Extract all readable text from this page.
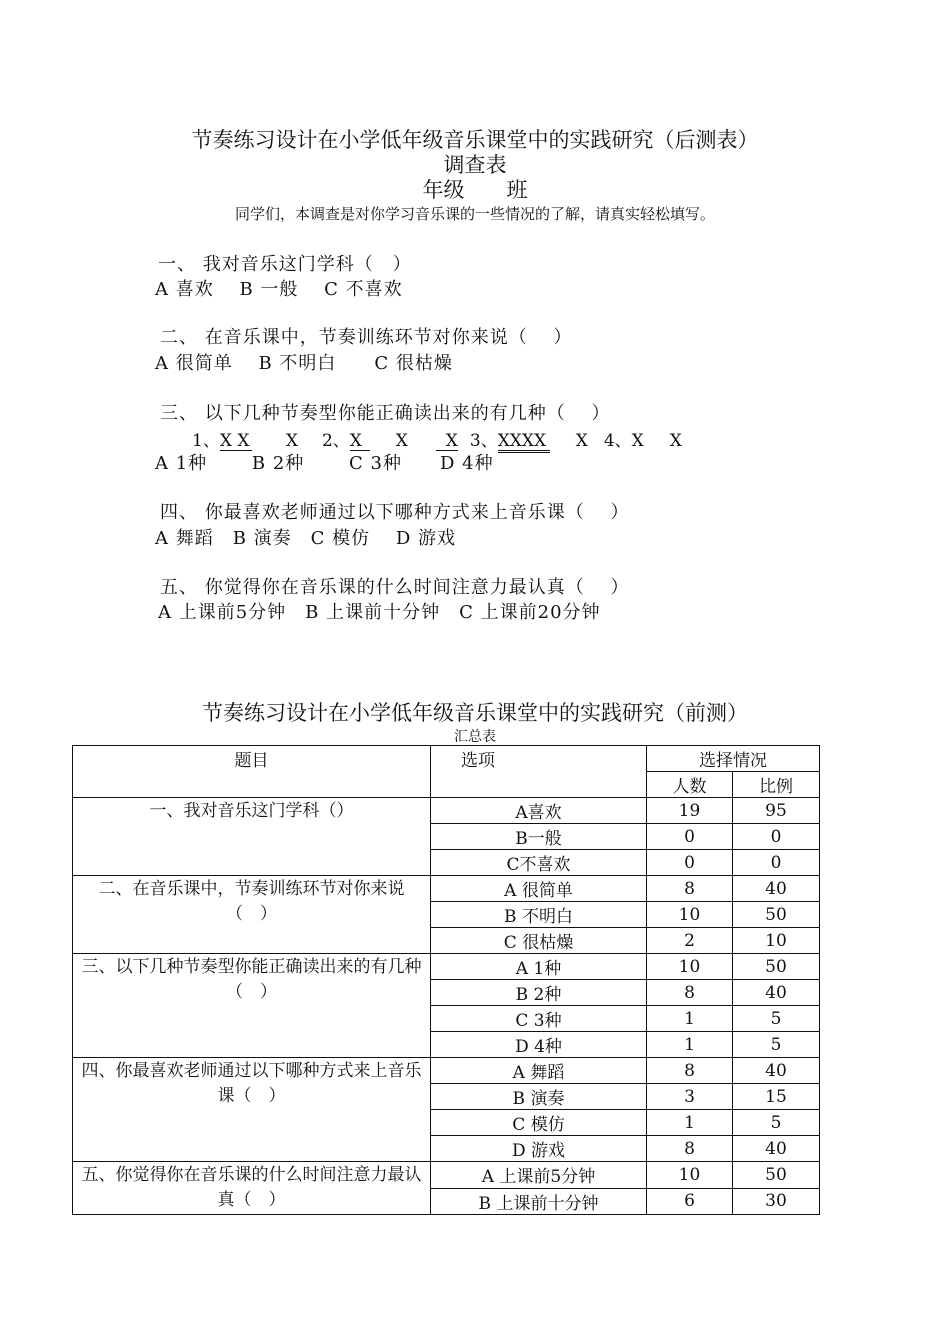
节奏练习设计在小学低年级音乐课堂中的实践研究（后测表）
调查表
年级　　班
同学们，本调查是对你学习音乐课的一些情况的了解，请真实轻松填写。
一、 我对音乐这门学科（　）
A 喜欢　 B 一般　 C 不喜欢
二、 在音乐课中，节奏训练环节对你来说（　 ）
A 很简单　 B 不明白　　C 很枯燥
三、 以下几种节奏型你能正确读出来的有几种（　 ）
1、X X X 2、X X X 3、XXXX X 4、X X
A 1种　　 B 2种　　 C 3种　　D 4种
四、 你最喜欢老师通过以下哪种方式来上音乐课（　 ）
A 舞蹈　B 演奏　C 模仿　 D 游戏
五、 你觉得你在音乐课的什么时间注意力最认真（　 ）
A 上课前5分钟　B 上课前十分钟　C 上课前20分钟
节奏练习设计在小学低年级音乐课堂中的实践研究（前测）
汇总表
题目	选项	选择情况	
		人数	比例
一、我对音乐这门学科（）	A喜欢	19	95
	B一般	0	0
	C不喜欢	0	0
二、在音乐课中，节奏训练环节对你来说（　）	A 很简单	8	40
	B 不明白	10	50
	C 很枯燥	2	10
三、以下几种节奏型你能正确读出来的有几种（　）	A 1种	10	50
	B 2种	8	40
	C 3种	1	5
	D 4种	1	5
四、你最喜欢老师通过以下哪种方式来上音乐课（　）	A 舞蹈	8	40
	B 演奏	3	15
	C 模仿	1	5
	D 游戏	8	40
五、你觉得你在音乐课的什么时间注意力最认真（　）	A 上课前5分钟	10	50
	B 上课前十分钟	6	30
